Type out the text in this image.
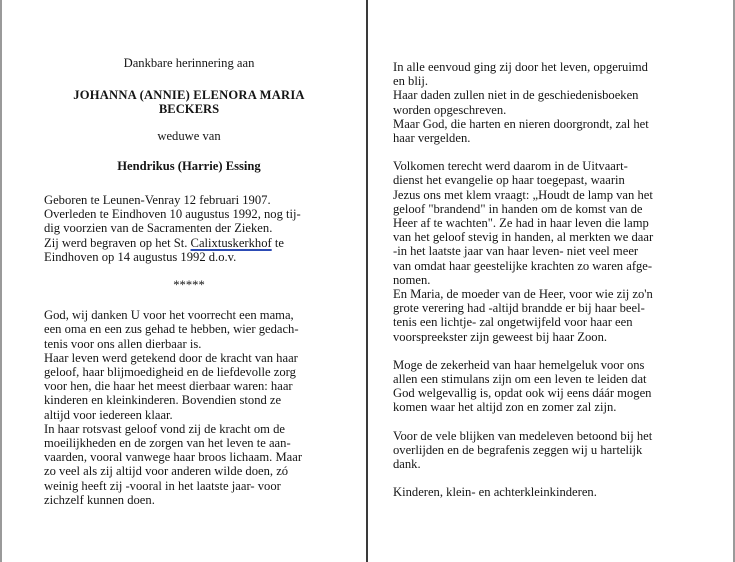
Dankbare herinnering aan

JOHANNA (ANNIE) ELENORA MARIA

BECKERS

weduwe van

Hendrikus (Harrie) Essing

Geboren te Leunen-Venray 12 februari 1907.

Overleden te Eindhoven 10 augustus 1992, nog tij-

dig voorzien van de Sacramenten der Zieken.

Zij werd begraven op het St. Calixtuskerkhof te

Eindhoven op 14 augustus 1992 d.o.v.

*****

God, wij danken U voor het voorrecht een mama,

een oma en een zus gehad te hebben, wier gedach-

tenis voor ons allen dierbaar is.

Haar leven werd getekend door de kracht van haar

geloof, haar blijmoedigheid en de liefdevolle zorg

voor hen, die haar het meest dierbaar waren: haar

kinderen en kleinkinderen. Bovendien stond ze

altijd voor iedereen klaar.

In haar rotsvast geloof vond zij de kracht om de

moeilijkheden en de zorgen van het leven te aan-

vaarden, vooral vanwege haar broos lichaam. Maar

zo veel als zij altijd voor anderen wilde doen, zó

weinig heeft zij -vooral in het laatste jaar- voor

zichzelf kunnen doen.

In alle eenvoud ging zij door het leven, opgeruimd

en blij.

Haar daden zullen niet in de geschiedenisboeken

worden opgeschreven.

Maar God, die harten en nieren doorgrondt, zal het

haar vergelden.

Volkomen terecht werd daarom in de Uitvaart-

dienst het evangelie op haar toegepast, waarin

Jezus ons met klem vraagt: „Houdt de lamp van het

geloof "brandend" in handen om de komst van de

Heer af te wachten". Ze had in haar leven die lamp

van het geloof stevig in handen, al merkten we daar

-in het laatste jaar van haar leven- niet veel meer

van omdat haar geestelijke krachten zo waren afge-

nomen.

En Maria, de moeder van de Heer, voor wie zij zo'n

grote verering had -altijd brandde er bij haar beel-

tenis een lichtje- zal ongetwijfeld voor haar een

voorspreekster zijn geweest bij haar Zoon.

Moge de zekerheid van haar hemelgeluk voor ons

allen een stimulans zijn om een leven te leiden dat

God welgevallig is, opdat ook wij eens dáár mogen

komen waar het altijd zon en zomer zal zijn.

Voor de vele blijken van medeleven betoond bij het

overlijden en de begrafenis zeggen wij u hartelijk

dank.

Kinderen, klein- en achterkleinkinderen.
